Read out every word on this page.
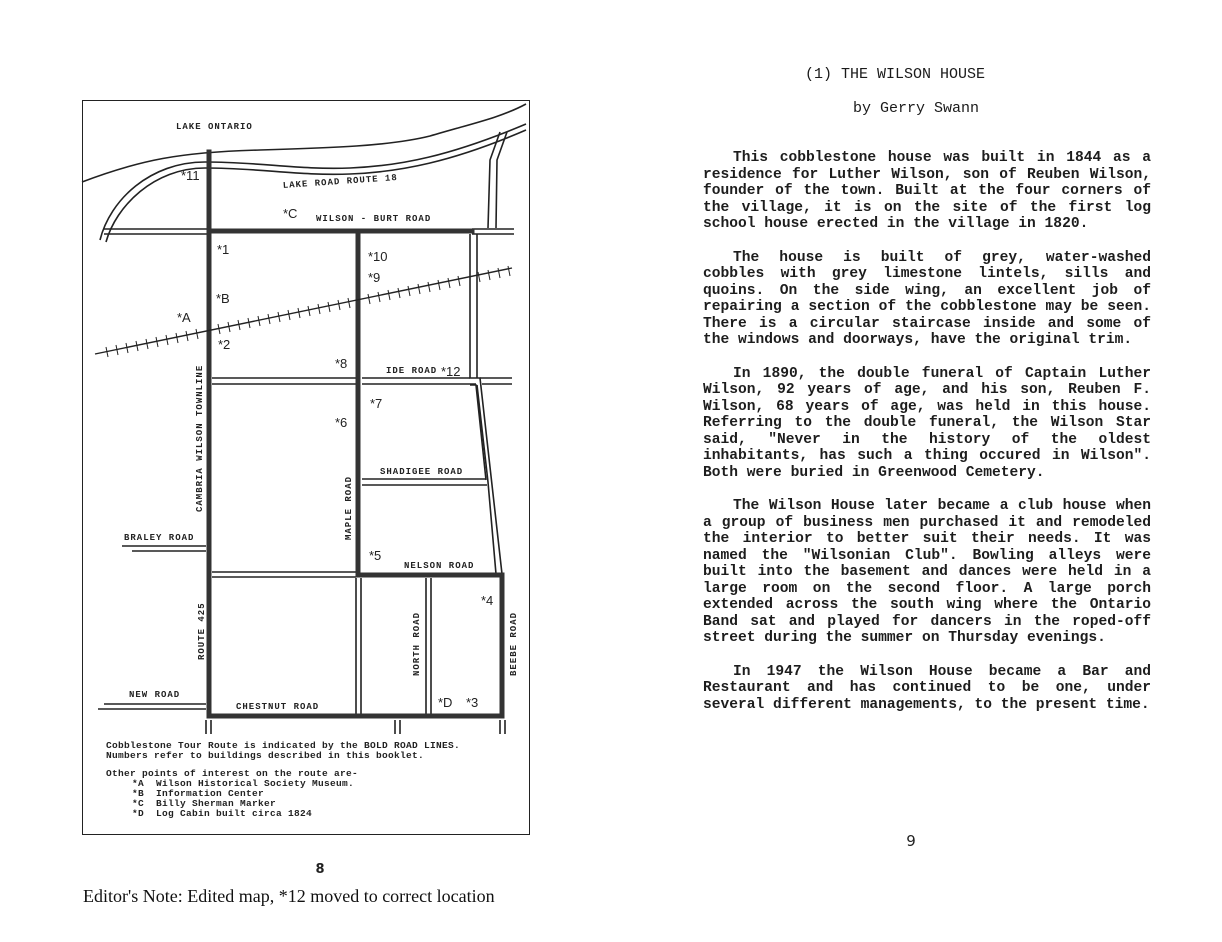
LAKE ONTARIO
LAKE ROAD ROUTE 18
WILSON - BURT ROAD
IDE ROAD
SHADIGEE ROAD
NELSON ROAD
BRALEY ROAD
NEW ROAD
CHESTNUT ROAD
CAMBRIA WILSON TOWNLINE
ROUTE 425
MAPLE ROAD
NORTH ROAD	BEEBE ROAD
*11
*C
*1	*10
*9
*B
*A
*2
*8
*12
*7
*6
*5
*4
*D *3
Cobblestone Tour Route is indicated by the BOLD ROAD LINES.
Numbers refer to buildings described in this booklet.
Other points of interest on the route are-
*A Wilson Historical Society Museum.
*B Information Center
*C Billy Sherman Marker
*D Log Cabin built circa 1824
8
Editor's Note: Edited map, *12 moved to correct location
(1) THE WILSON HOUSE
by Gerry Swann

This cobblestone house was built in 1844 as a residence for Luther Wilson, son of Reuben Wilson, founder of the town. Built at the four corners of the village, it is on the site of the first log school house erected in the village in 1820.

The house is built of grey, water-washed cobbles with grey limestone lintels, sills and quoins. On the side wing, an excellent job of repairing a section of the cobblestone may be seen. There is a circular staircase inside and some of the windows and doorways, have the original trim.

In 1890, the double funeral of Captain Luther Wilson, 92 years of age, and his son, Reuben F. Wilson, 68 years of age, was held in this house. Referring to the double funeral, the Wilson Star said, "Never in the history of the oldest inhabitants, has such a thing occured in Wilson". Both were buried in Greenwood Cemetery.

The Wilson House later became a club house when a group of business men purchased it and remodeled the interior to better suit their needs. It was named the "Wilsonian Club". Bowling alleys were built into the basement and dances were held in a large room on the second floor. A large porch extended across the south wing where the Ontario Band sat and played for dancers in the roped-off street during the summer on Thursday evenings.

In 1947 the Wilson House became a Bar and Restaurant and has continued to be one, under several different managements, to the present time.

9
